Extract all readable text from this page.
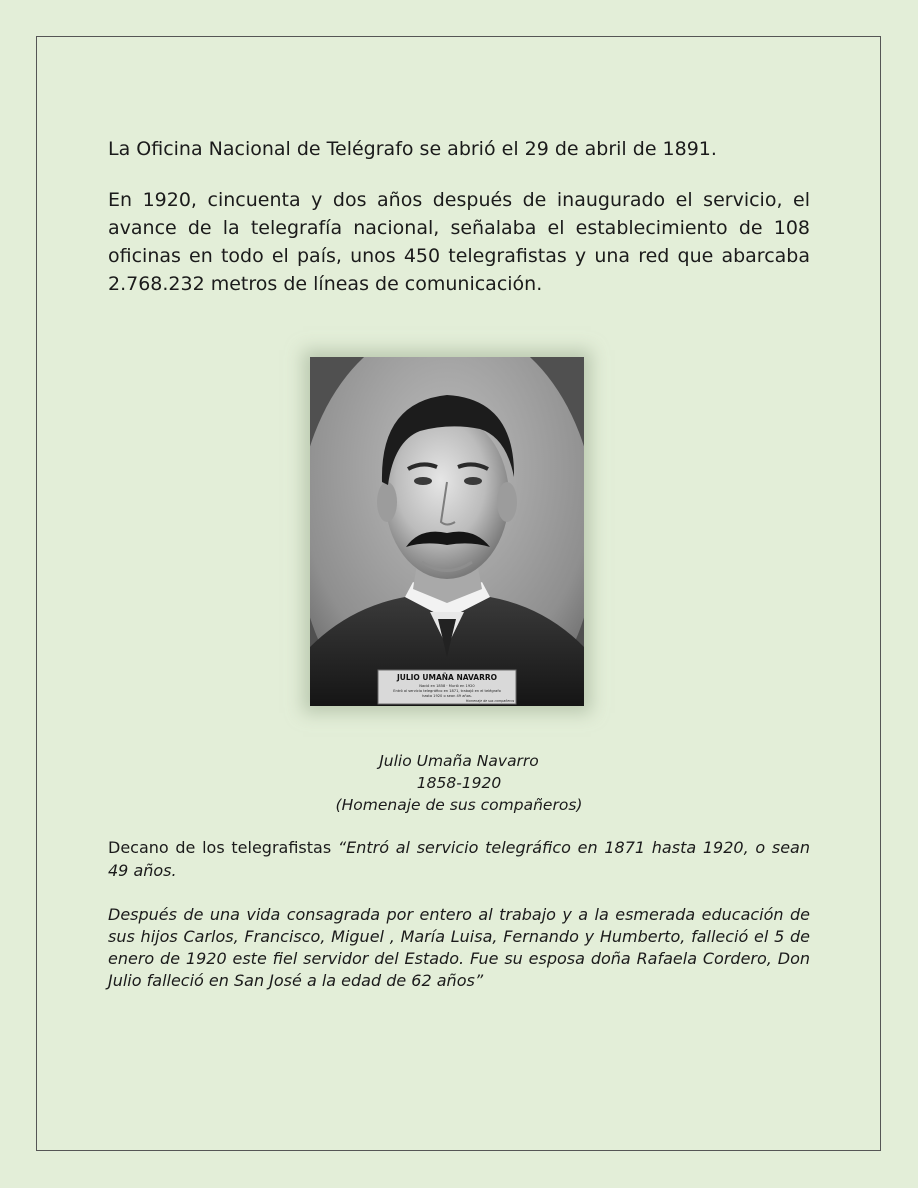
La Oficina Nacional de Telégrafo se abrió el 29 de abril de 1891.

En 1920, cincuenta y dos años después de inaugurado el servicio, el avance de la telegrafía nacional, señalaba el establecimiento de 108 oficinas en todo el país, unos 450 telegrafistas y una red que abarcaba 2.768.232 metros de líneas de comunicación.

JULIO UMAÑA NAVARRO
Nació en 1858 · Murió en 1920
Entró al servicio telegráfico en 1871, trabajó en el telégrafo
hasta 1920 o sean 49 años.
Homenaje de sus compañeros
Julio Umaña Navarro
1858-1920
(Homenaje de sus compañeros)

Decano de los telegrafistas “Entró al servicio telegráfico en 1871 hasta 1920, o sean 49 años.

Después de una vida consagrada por entero al trabajo y a la esmerada educación de sus hijos Carlos, Francisco, Miguel , María Luisa, Fernando y Humberto, falleció el 5 de enero de 1920 este fiel servidor del Estado. Fue su esposa doña Rafaela Cordero, Don Julio falleció en San José a la edad de 62 años”
